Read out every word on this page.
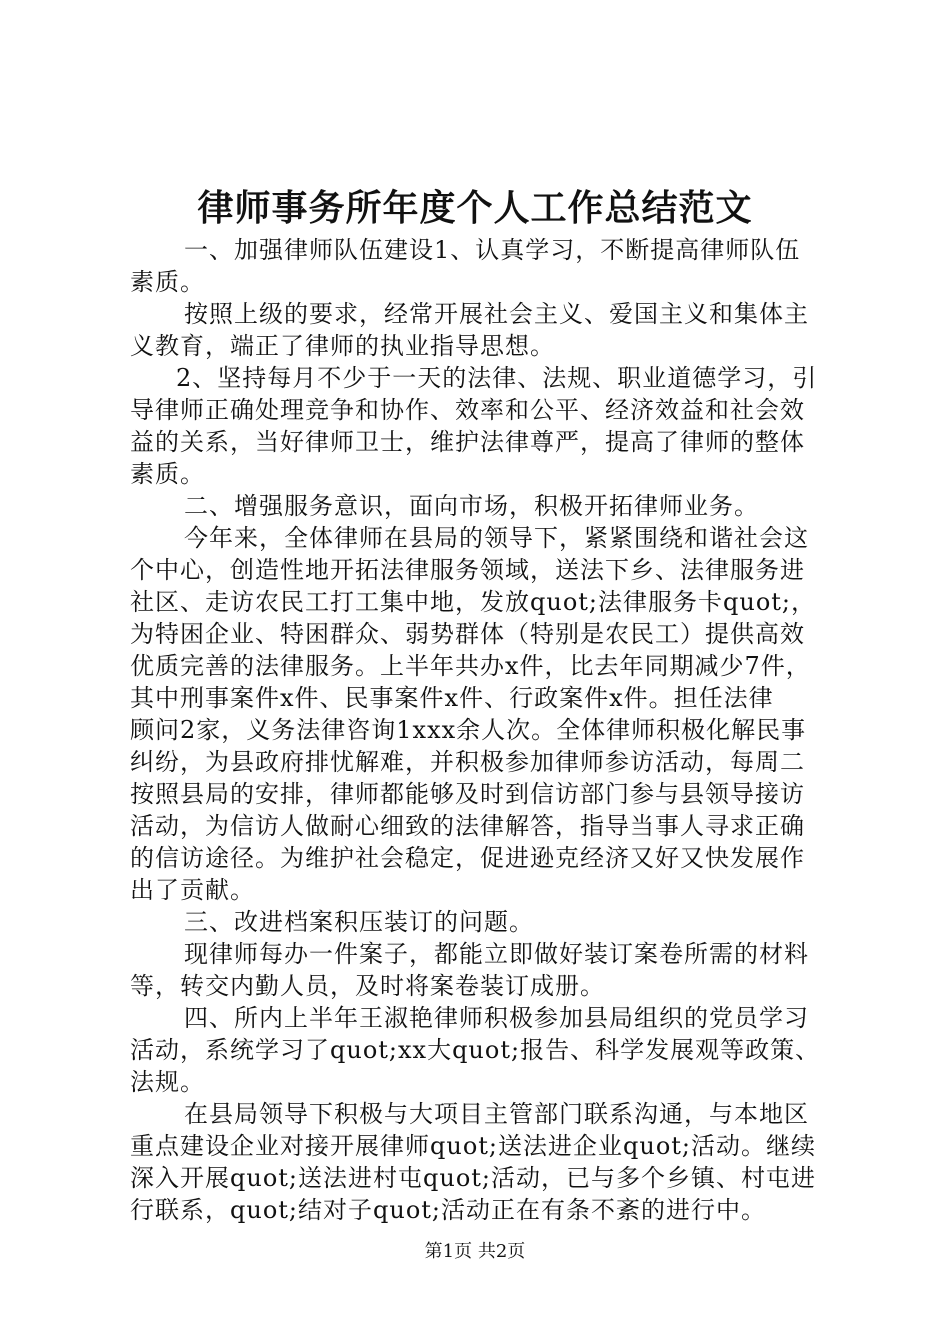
律师事务所年度个人工作总结范文
一、加强律师队伍建设1、认真学习，不断提高律师队伍
素质。
按照上级的要求，经常开展社会主义、爱国主义和集体主
义教育，端正了律师的执业指导思想。
2、坚持每月不少于一天的法律、法规、职业道德学习，引
导律师正确处理竞争和协作、效率和公平、经济效益和社会效
益的关系，当好律师卫士，维护法律尊严，提高了律师的整体
素质。
二、增强服务意识，面向市场，积极开拓律师业务。
今年来，全体律师在县局的领导下，紧紧围绕和谐社会这
个中心，创造性地开拓法律服务领域，送法下乡、法律服务进
社区、走访农民工打工集中地，发放quot;法律服务卡quot;，
为特困企业、特困群众、弱势群体（特别是农民工）提供高效
优质完善的法律服务。上半年共办x件，比去年同期减少7件，
其中刑事案件x件、民事案件x件、行政案件x件。担任法律
顾问2家，义务法律咨询1xxx余人次。全体律师积极化解民事
纠纷，为县政府排忧解难，并积极参加律师参访活动，每周二
按照县局的安排，律师都能够及时到信访部门参与县领导接访
活动，为信访人做耐心细致的法律解答，指导当事人寻求正确
的信访途径。为维护社会稳定，促进逊克经济又好又快发展作
出了贡献。
三、改进档案积压装订的问题。
现律师每办一件案子，都能立即做好装订案卷所需的材料
等，转交内勤人员，及时将案卷装订成册。
四、所内上半年王淑艳律师积极参加县局组织的党员学习
活动，系统学习了quot;xx大quot;报告、科学发展观等政策、
法规。
在县局领导下积极与大项目主管部门联系沟通，与本地区
重点建设企业对接开展律师quot;送法进企业quot;活动。继续
深入开展quot;送法进村屯quot;活动，已与多个乡镇、村屯进
行联系，quot;结对子quot;活动正在有条不紊的进行中。
第1页 共2页
